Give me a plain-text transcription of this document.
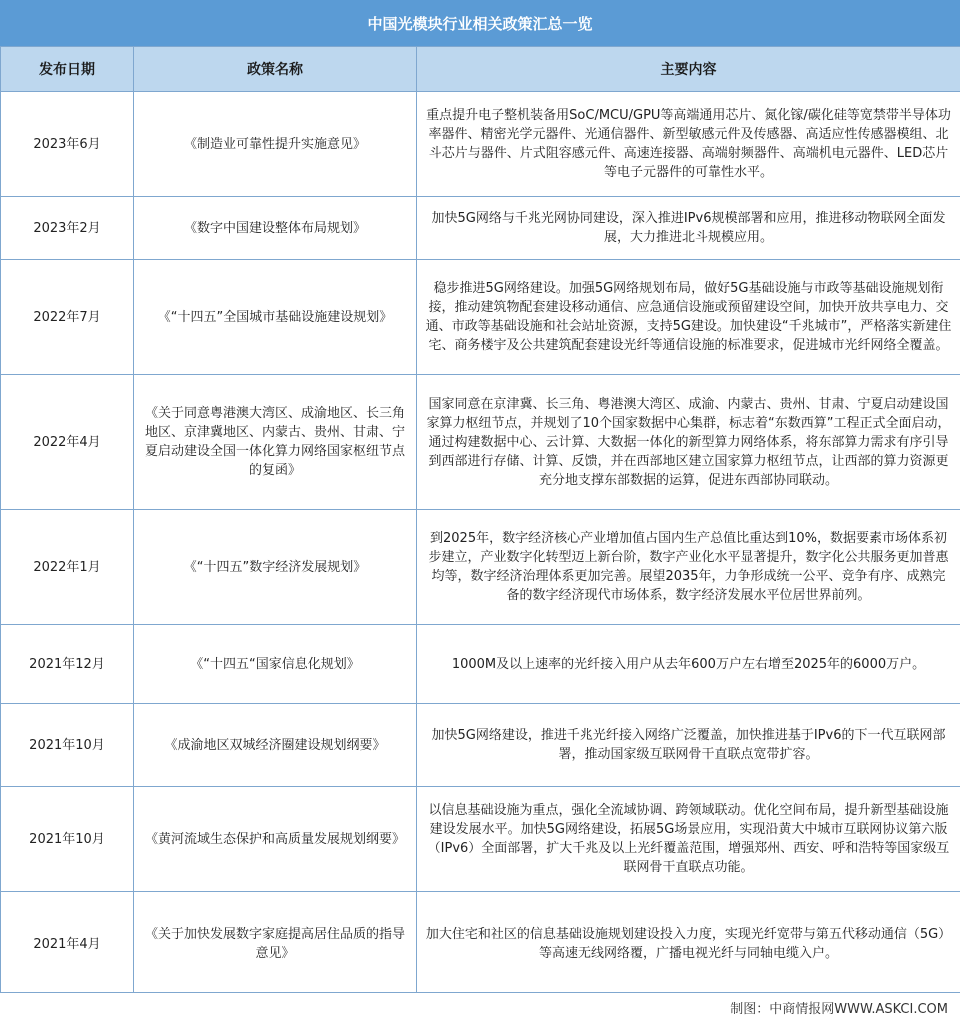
中国光模块行业相关政策汇总一览
发布日期	政策名称	主要内容
2023年6月	《制造业可靠性提升实施意见》	重点提升电子整机装备用SoC/MCU/GPU等高端通用芯片、氮化镓/碳化硅等宽禁带半导体功率器件、精密光学元器件、光通信器件、新型敏感元件及传感器、高适应性传感器模组、北斗芯片与器件、片式阻容感元件、高速连接器、高端射频器件、高端机电元器件、LED芯片等电子元器件的可靠性水平。
2023年2月	《数字中国建设整体布局规划》	加快5G网络与千兆光网协同建设，深入推进IPv6规模部署和应用，推进移动物联网全面发展，大力推进北斗规模应用。
2022年7月	《“十四五”全国城市基础设施建设规划》	稳步推进5G网络建设。加强5G网络规划布局，做好5G基础设施与市政等基础设施规划衔接，推动建筑物配套建设移动通信、应急通信设施或预留建设空间，加快开放共享电力、交通、市政等基础设施和社会站址资源，支持5G建设。加快建设“千兆城市”，严格落实新建住宅、商务楼宇及公共建筑配套建设光纤等通信设施的标准要求，促进城市光纤网络全覆盖。
2022年4月	《关于同意粤港澳大湾区、成渝地区、长三角地区、京津冀地区、内蒙古、贵州、甘肃、宁夏启动建设全国一体化算力网络国家枢纽节点的复函》	国家同意在京津冀、长三角、粤港澳大湾区、成渝、内蒙古、贵州、甘肃、宁夏启动建设国家算力枢纽节点，并规划了10个国家数据中心集群，标志着“东数西算”工程正式全面启动，通过构建数据中心、云计算、大数据一体化的新型算力网络体系，将东部算力需求有序引导到西部进行存储、计算、反馈，并在西部地区建立国家算力枢纽节点，让西部的算力资源更充分地支撑东部数据的运算，促进东西部协同联动。
2022年1月	《“十四五”数字经济发展规划》	到2025年，数字经济核心产业增加值占国内生产总值比重达到10%，数据要素市场体系初步建立，产业数字化转型迈上新台阶，数字产业化水平显著提升，数字化公共服务更加普惠均等，数字经济治理体系更加完善。展望2035年，力争形成统一公平、竞争有序、成熟完备的数字经济现代市场体系，数字经济发展水平位居世界前列。
2021年12月	《“十四五“国家信息化规划》	1000M及以上速率的光纤接入用户从去年600万户左右增至2025年的6000万户。
2021年10月	《成渝地区双城经济圈建设规划纲要》	加快5G网络建设，推进千兆光纤接入网络广泛覆盖，加快推进基于IPv6的下一代互联网部署，推动国家级互联网骨干直联点宽带扩容。
2021年10月	《黄河流域生态保护和高质量发展规划纲要》	以信息基础设施为重点，强化全流域协调、跨领域联动。优化空间布局，提升新型基础设施建设发展水平。加快5G网络建设，拓展5G场景应用，实现沿黄大中城市互联网协议第六版（IPv6）全面部署，扩大千兆及以上光纤覆盖范围，增强郑州、西安、呼和浩特等国家级互联网骨干直联点功能。
2021年4月	《关于加快发展数字家庭提高居住品质的指导意见》	加大住宅和社区的信息基础设施规划建设投入力度，实现光纤宽带与第五代移动通信（5G）等高速无线网络覆，广播电视光纤与同轴电缆入户。
制图：中商情报网WWW.ASKCI.COM
